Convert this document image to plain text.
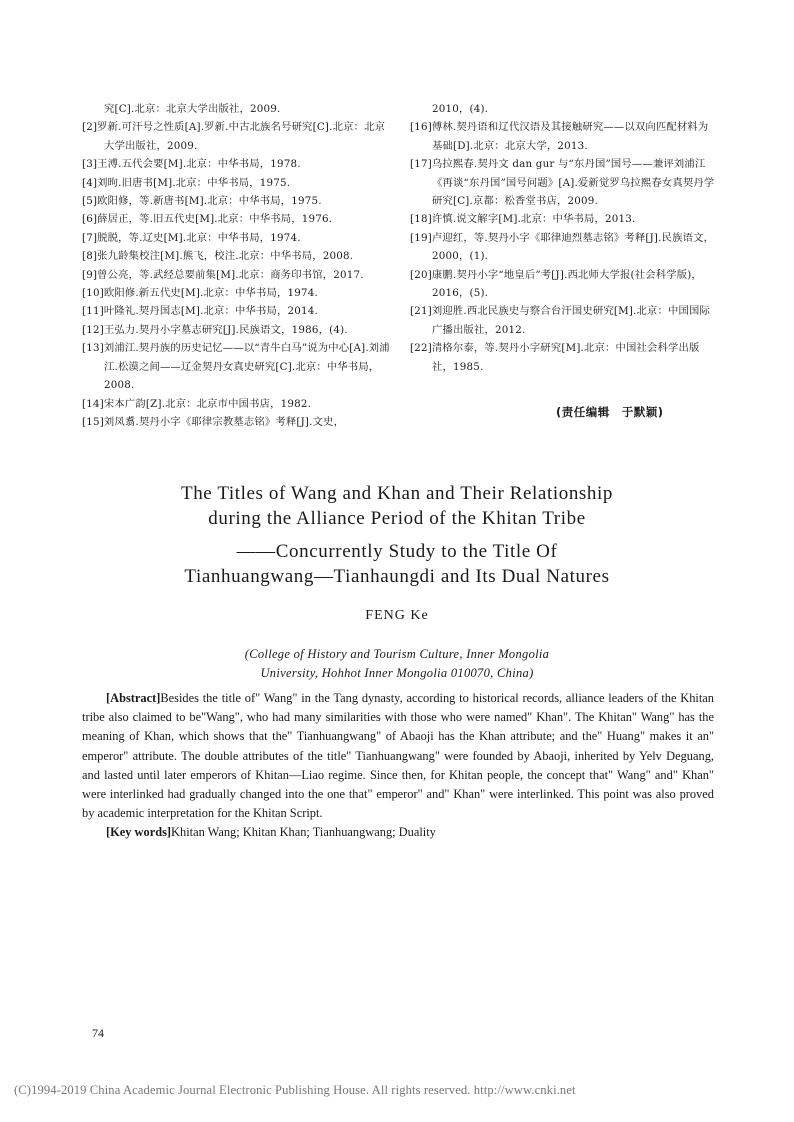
究[C].北京：北京大学出版社，2009.
[2]罗新.可汗号之性质[A].罗新.中古北族名号研究[C].北京：北京大学出版社，2009.
[3]王溥.五代会要[M].北京：中华书局，1978.
[4]刘昫.旧唐书[M].北京：中华书局，1975.
[5]欧阳修，等.新唐书[M].北京：中华书局，1975.
[6]薛居正，等.旧五代史[M].北京：中华书局，1976.
[7]脱脱，等.辽史[M].北京：中华书局，1974.
[8]张九龄集校注[M].熊飞，校注.北京：中华书局，2008.
[9]曾公亮，等.武经总要前集[M].北京：商务印书馆，2017.
[10]欧阳修.新五代史[M].北京：中华书局，1974.
[11]叶隆礼.契丹国志[M].北京：中华书局，2014.
[12]王弘力.契丹小字墓志研究[J].民族语文，1986，(4).
[13]刘浦江.契丹族的历史记忆——以“青牛白马”说为中心[A].刘浦江.松漠之间——辽金契丹女真史研究[C].北京：中华书局，2008.
[14]宋本广韵[Z].北京：北京市中国书店，1982.
[15]刘凤翥.契丹小字《耶律宗教墓志铭》考释[J].文史，
2010，(4).
[16]傅林.契丹语和辽代汉语及其接触研究——以双向匹配材料为基础[D].北京：北京大学，2013.
[17]乌拉熙春.契丹文 dan gur 与“东丹国”国号——兼评刘浦江《再谈“东丹国”国号问题》[A].爱新觉罗乌拉熙春女真契丹学研究[C].京都：松香堂书店，2009.
[18]许慎.说文解字[M].北京：中华书局，2013.
[19]卢迎红，等.契丹小字《耶律迪烈墓志铭》考释[J].民族语文，2000，(1).
[20]康鹏.契丹小字“地皇后”考[J].西北师大学报(社会科学版)，2016，(5).
[21]刘迎胜.西北民族史与察合台汗国史研究[M].北京：中国国际广播出版社，2012.
[22]清格尔泰，等.契丹小字研究[M].北京：中国社会科学出版社，1985.
(责任编辑　于默颖)
The Titles of Wang and Khan and Their Relationship
during the Alliance Period of the Khitan Tribe
——Concurrently Study to the Title Of
Tianhuangwang—Tianhaungdi and Its Dual Natures
FENG Ke
(College of History and Tourism Culture, Inner Mongolia
University, Hohhot Inner Mongolia 010070, China)

[Abstract]Besides the title of" Wang" in the Tang dynasty, according to historical records, alliance leaders of the Khitan tribe also claimed to be"Wang", who had many similarities with those who were named" Khan". The Khitan" Wang" has the meaning of Khan, which shows that the" Tianhuangwang" of Abaoji has the Khan attribute; and the" Huang" makes it an" emperor" attribute. The double attributes of the title" Tianhuangwang" were founded by Abaoji, inherited by Yelv Deguang, and lasted until later emperors of Khitan—Liao regime. Since then, for Khitan people, the concept that" Wang" and" Khan" were interlinked had gradually changed into the one that" emperor" and" Khan" were interlinked. This point was also proved by academic interpretation for the Khitan Script.

[Key words]Khitan Wang; Khitan Khan; Tianhuangwang; Duality

74
(C)1994-2019 China Academic Journal Electronic Publishing House. All rights reserved. http://www.cnki.net
